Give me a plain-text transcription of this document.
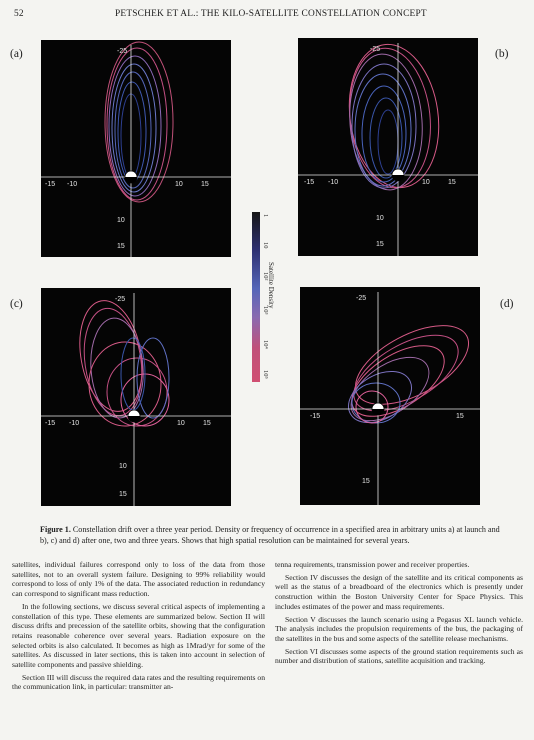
52	PETSCHEK ET AL.: THE KILO-SATELLITE CONSTELLATION CONCEPT
(a)	(b)
(c)	(d)
-25
-15 -10	10	15
10
15
-25
-15 -10	10	15
10
15
1
10
10²
10³
10⁴
10⁵
Satellite Density
-25
-15 -10	10	15
10
15
-25
-15	15
15
Figure 1. Constellation drift over a three year period. Density or frequency of occurrence in a specified area in arbitrary units a) at launch and b), c) and d) after one, two and three years. Shows that high spatial resolution can be maintained for several years.

satellites, individual failures correspond only to loss of the data from those satellites, not to an overall system failure. Designing to 99% reliability would correspond to loss of only 1% of the data. The associated reduction in redundancy can correspond to significant mass reduction.

In the following sections, we discuss several critical aspects of implementing a constellation of this type. These elements are summarized below. Section II will discuss drifts and precession of the satellite orbits, showing that the configuration retains reasonable coherence over several years. Radiation exposure on the selected orbits is also calculated. It becomes as high as 1Mrad/yr for some of the satellites. As discussed in later sections, this is taken into account in selection of satellite components and passive shielding.

Section III will discuss the required data rates and the resulting requirements on the communication link, in particular: transmitter an-

tenna requirements, transmission power and receiver properties.

Section IV discusses the design of the satellite and its critical components as well as the status of a breadboard of the electronics which is presently under construction within the Boston University Center for Space Physics. This includes estimates of the power and mass requirements.

Section V discusses the launch scenario using a Pegasus XL launch vehicle. The analysis includes the propulsion requirements of the bus, the packaging of the satellites in the bus and some aspects of the satellite release mechanisms.

Section VI discusses some aspects of the ground station requirements such as number and distribution of stations, satellite acquisition and tracking.
